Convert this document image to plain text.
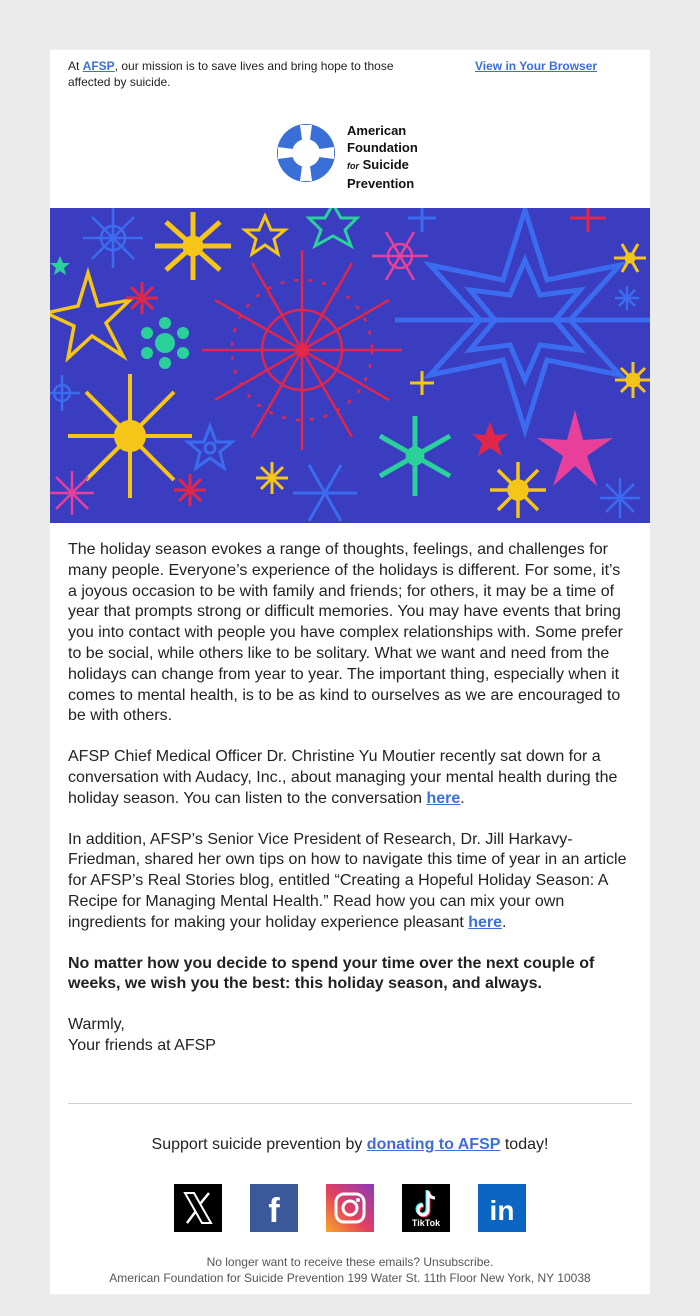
At AFSP, our mission is to save lives and bring hope to those affected by suicide.
View in Your Browser
American
Foundation
for Suicide
Prevention

The holiday season evokes a range of thoughts, feelings, and challenges for many people. Everyone’s experience of the holidays is different. For some, it’s a joyous occasion to be with family and friends; for others, it may be a time of year that prompts strong or difficult memories. You may have events that bring you into contact with people you have complex relationships with. Some prefer to be social, while others like to be solitary. What we want and need from the holidays can change from year to year. The important thing, especially when it comes to mental health, is to be as kind to ourselves as we are encouraged to be with others.

AFSP Chief Medical Officer Dr. Christine Yu Moutier recently sat down for a conversation with Audacy, Inc., about managing your mental health during the holiday season. You can listen to the conversation here.

In addition, AFSP’s Senior Vice President of Research, Dr. Jill Harkavy-Friedman, shared her own tips on how to navigate this time of year in an article for AFSP’s Real Stories blog, entitled “Creating a Hopeful Holiday Season: A Recipe for Managing Mental Health.” Read how you can mix your own ingredients for making your holiday experience pleasant here.

No matter how you decide to spend your time over the next couple of weeks, we wish you the best: this holiday season, and always.

Warmly,
Your friends at AFSP
Support suicide prevention by donating to AFSP today!
f	TikTok in
No longer want to receive these emails? Unsubscribe.
American Foundation for Suicide Prevention 199 Water St. 11th Floor New York, NY 10038
